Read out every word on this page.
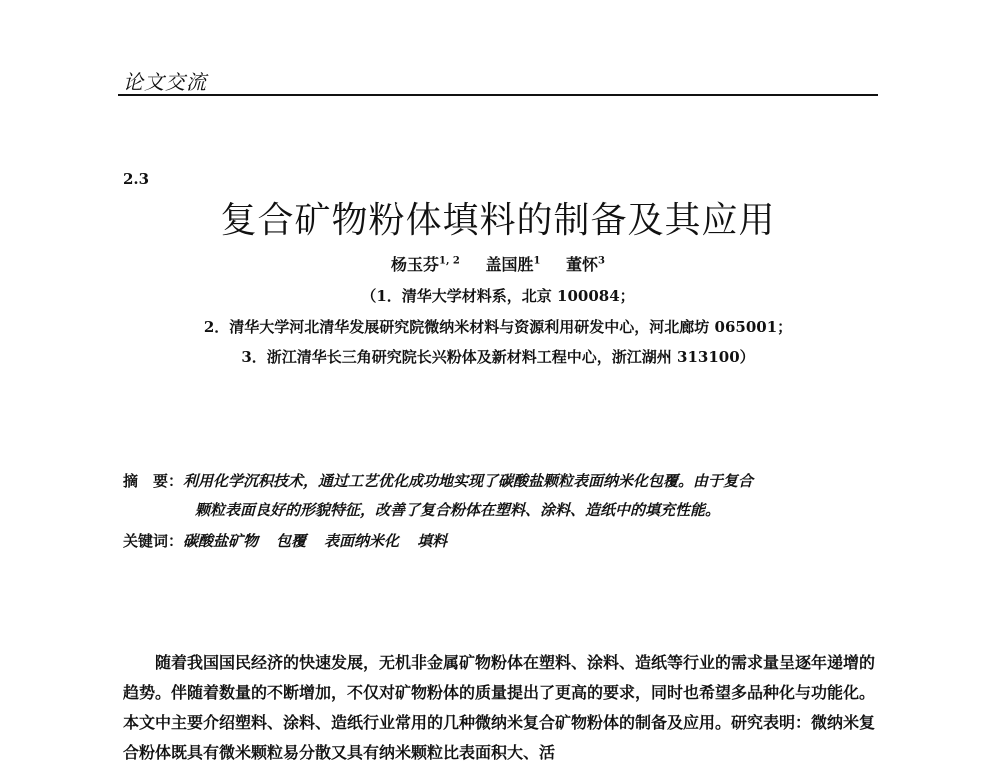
论文交流
2.3
复合矿物粉体填料的制备及其应用
杨玉芬$^{1, 2}$ 盖国胜$^1$ 董怀$^3$
（1．清华大学材料系，北京 100084；
2．清华大学河北清华发展研究院微纳米材料与资源利用研发中心，河北廊坊 065001；
3．浙江清华长三角研究院长兴粉体及新材料工程中心，浙江湖州 313100）
摘　要：利用化学沉积技术，通过工艺优化成功地实现了碳酸盐颗粒表面纳米化包覆。由于复合
颗粒表面良好的形貌特征，改善了复合粉体在塑料、涂料、造纸中的填充性能。
关键词：碳酸盐矿物 包覆 表面纳米化 填料
随着我国国民经济的快速发展，无机非金属矿物粉体在塑料、涂料、造纸等行业的需求量呈逐年递增的趋势。伴随着数量的不断增加，不仅对矿物粉体的质量提出了更高的要求，同时也希望多品种化与功能化。本文中主要介绍塑料、涂料、造纸行业常用的几种微纳米复合矿物粉体的制备及应用。研究表明：微纳米复合粉体既具有微米颗粒易分散又具有纳米颗粒比表面积大、活
